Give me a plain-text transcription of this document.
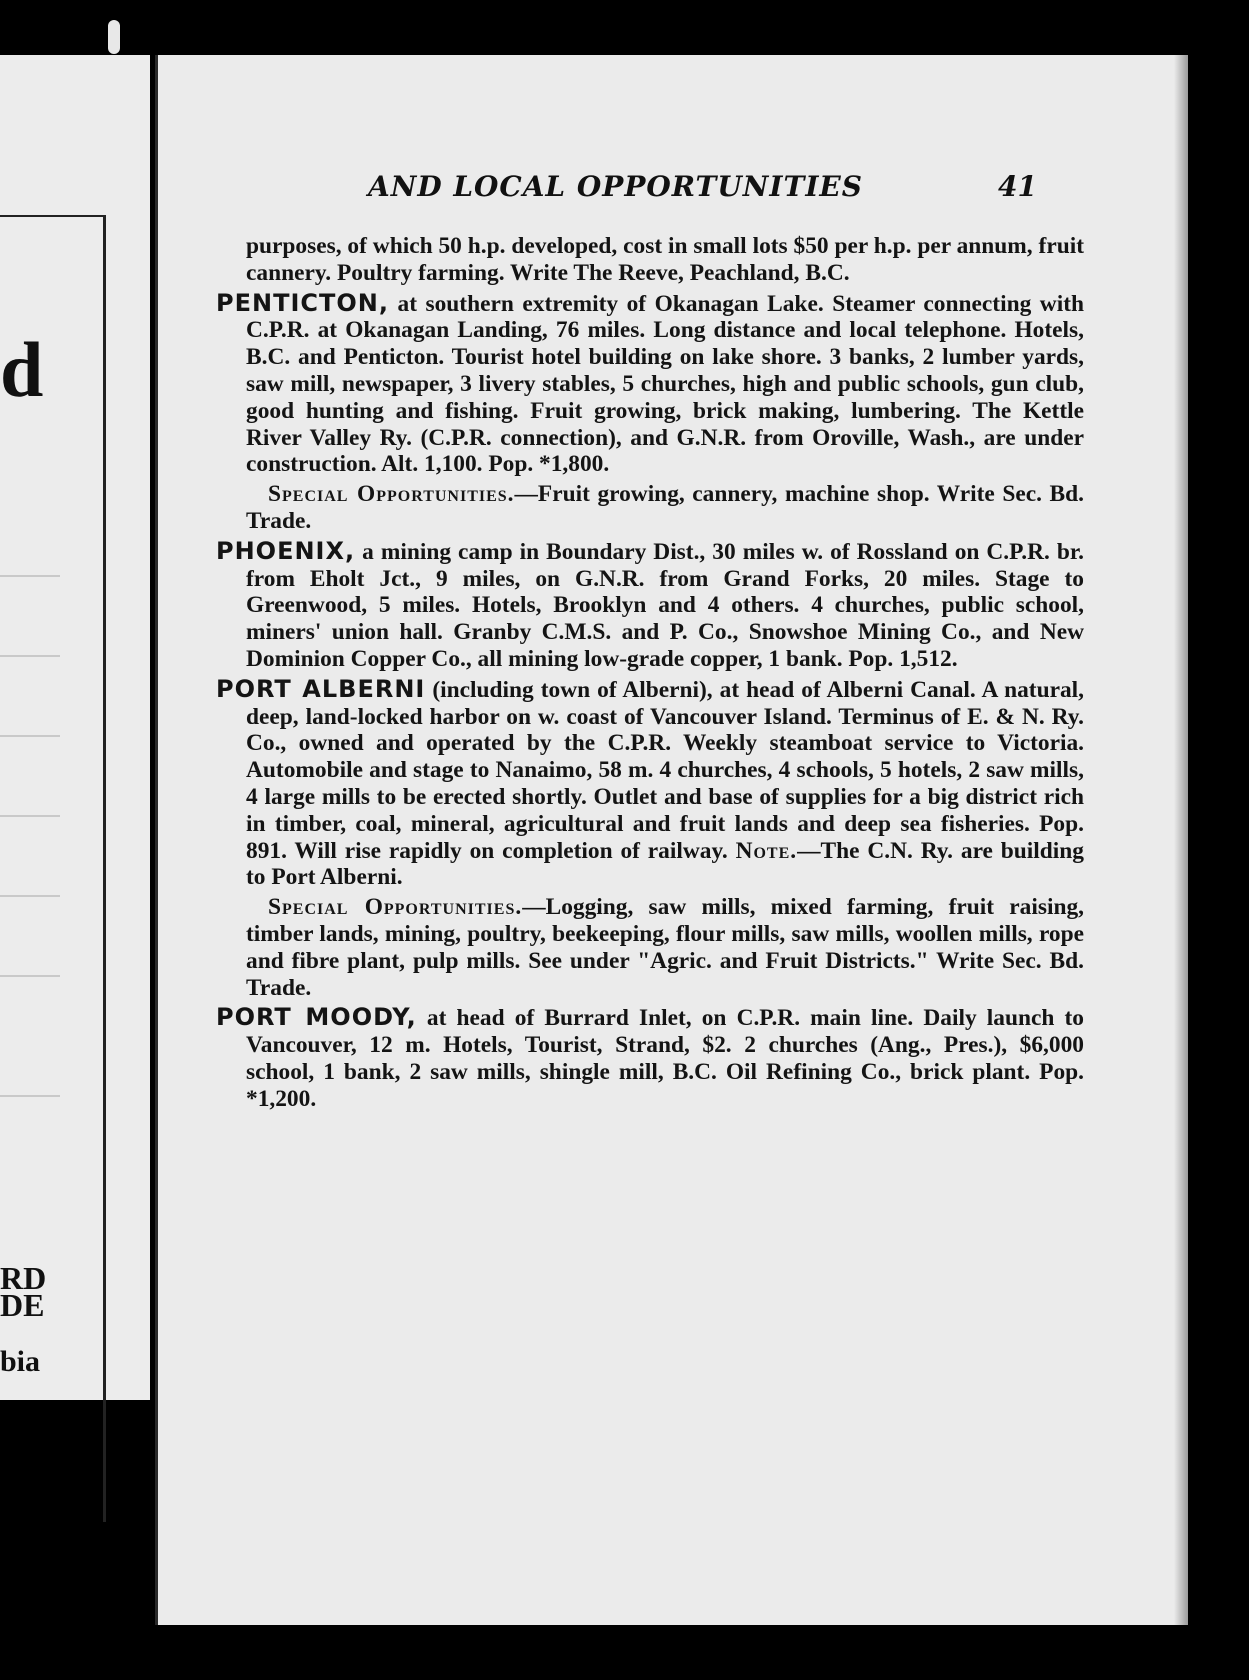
d
RD
DE
bia
AND LOCAL OPPORTUNITIES	41

purposes, of which 50 h.p. developed, cost in small lots $50 per h.p. per annum, fruit cannery. Poultry farming. Write The Reeve, Peachland, B.C.

PENTICTON, at southern extremity of Okanagan Lake. Steamer connecting with C.P.R. at Okanagan Landing, 76 miles. Long distance and local telephone. Hotels, B.C. and Penticton. Tourist hotel building on lake shore. 3 banks, 2 lumber yards, saw mill, newspaper, 3 livery stables, 5 churches, high and public schools, gun club, good hunting and fishing. Fruit growing, brick making, lumbering. The Kettle River Valley Ry. (C.P.R. connection), and G.N.R. from Oroville, Wash., are under construction. Alt. 1,100. Pop. *1,800.

Special Opportunities.—Fruit growing, cannery, machine shop. Write Sec. Bd. Trade.

PHOENIX, a mining camp in Boundary Dist., 30 miles w. of Rossland on C.P.R. br. from Eholt Jct., 9 miles, on G.N.R. from Grand Forks, 20 miles. Stage to Greenwood, 5 miles. Hotels, Brooklyn and 4 others. 4 churches, public school, miners' union hall. Granby C.M.S. and P. Co., Snowshoe Mining Co., and New Dominion Copper Co., all mining low-grade copper, 1 bank. Pop. 1,512.

PORT ALBERNI (including town of Alberni), at head of Alberni Canal. A natural, deep, land-locked harbor on w. coast of Vancouver Island. Terminus of E. & N. Ry. Co., owned and operated by the C.P.R. Weekly steamboat service to Victoria. Automobile and stage to Nanaimo, 58 m. 4 churches, 4 schools, 5 hotels, 2 saw mills, 4 large mills to be erected shortly. Outlet and base of supplies for a big district rich in timber, coal, mineral, agricultural and fruit lands and deep sea fisheries. Pop. 891. Will rise rapidly on completion of railway. Note.—The C.N. Ry. are building to Port Alberni.

Special Opportunities.—Logging, saw mills, mixed farming, fruit raising, timber lands, mining, poultry, beekeeping, flour mills, saw mills, woollen mills, rope and fibre plant, pulp mills. See under "Agric. and Fruit Districts." Write Sec. Bd. Trade.

PORT MOODY, at head of Burrard Inlet, on C.P.R. main line. Daily launch to Vancouver, 12 m. Hotels, Tourist, Strand, $2. 2 churches (Ang., Pres.), $6,000 school, 1 bank, 2 saw mills, shingle mill, B.C. Oil Refining Co., brick plant. Pop. *1,200.
